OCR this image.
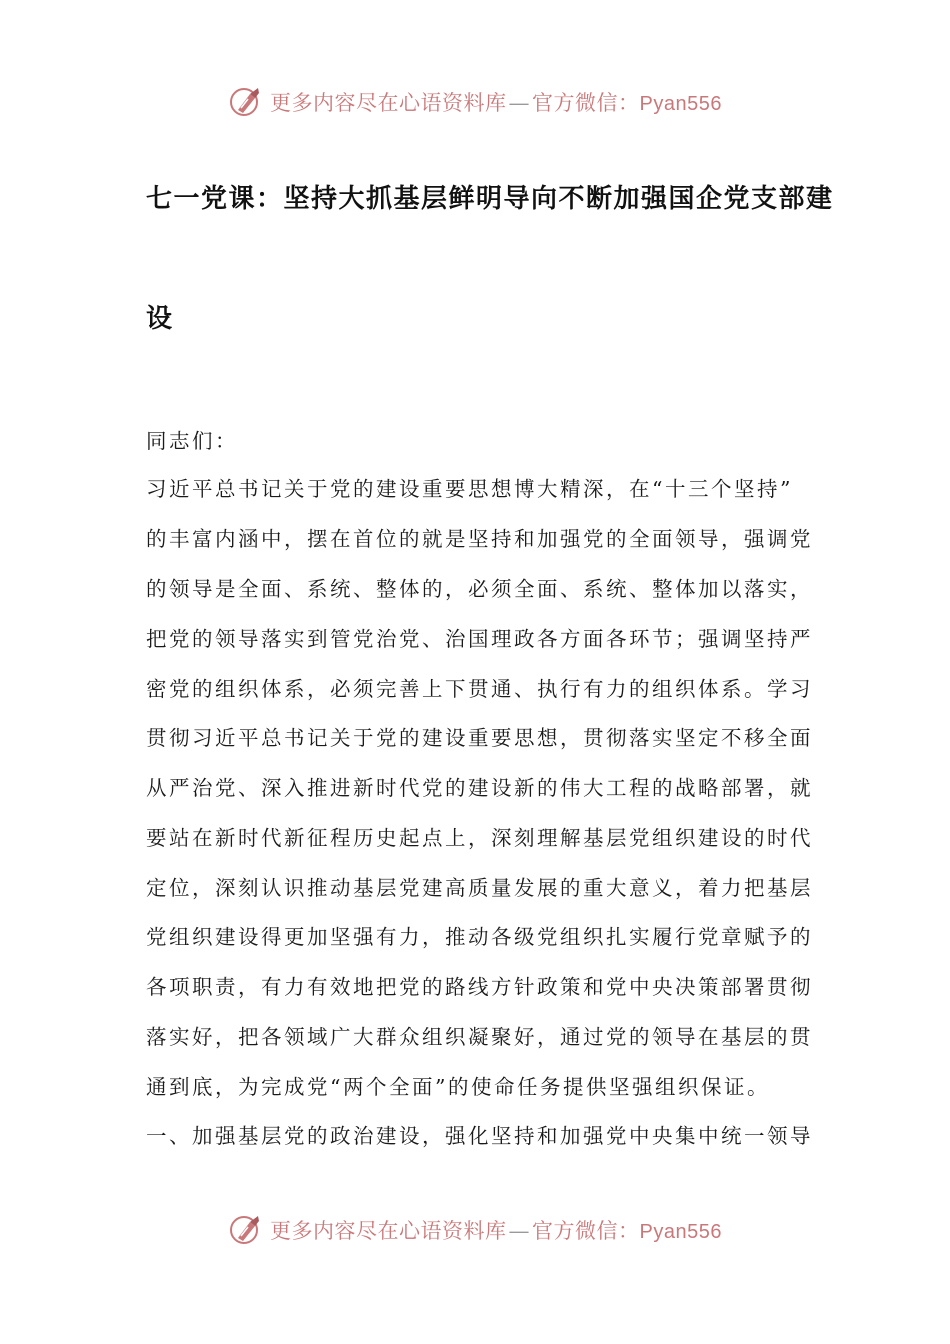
更多内容尽在心语资料库—官方微信：Pyan556
七一党课：坚持大抓基层鲜明导向不断加强国企党支部建
设
同志们：
习近平总书记关于党的建设重要思想博大精深，在“十三个坚持”
的丰富内涵中，摆在首位的就是坚持和加强党的全面领导，强调党
的领导是全面、系统、整体的，必须全面、系统、整体加以落实，
把党的领导落实到管党治党、治国理政各方面各环节；强调坚持严
密党的组织体系，必须完善上下贯通、执行有力的组织体系。学习
贯彻习近平总书记关于党的建设重要思想，贯彻落实坚定不移全面
从严治党、深入推进新时代党的建设新的伟大工程的战略部署，就
要站在新时代新征程历史起点上，深刻理解基层党组织建设的时代
定位，深刻认识推动基层党建高质量发展的重大意义，着力把基层
党组织建设得更加坚强有力，推动各级党组织扎实履行党章赋予的
各项职责，有力有效地把党的路线方针政策和党中央决策部署贯彻
落实好，把各领域广大群众组织凝聚好，通过党的领导在基层的贯
通到底，为完成党“两个全面”的使命任务提供坚强组织保证。
一、加强基层党的政治建设，强化坚持和加强党中央集中统一领导
更多内容尽在心语资料库—官方微信：Pyan556
